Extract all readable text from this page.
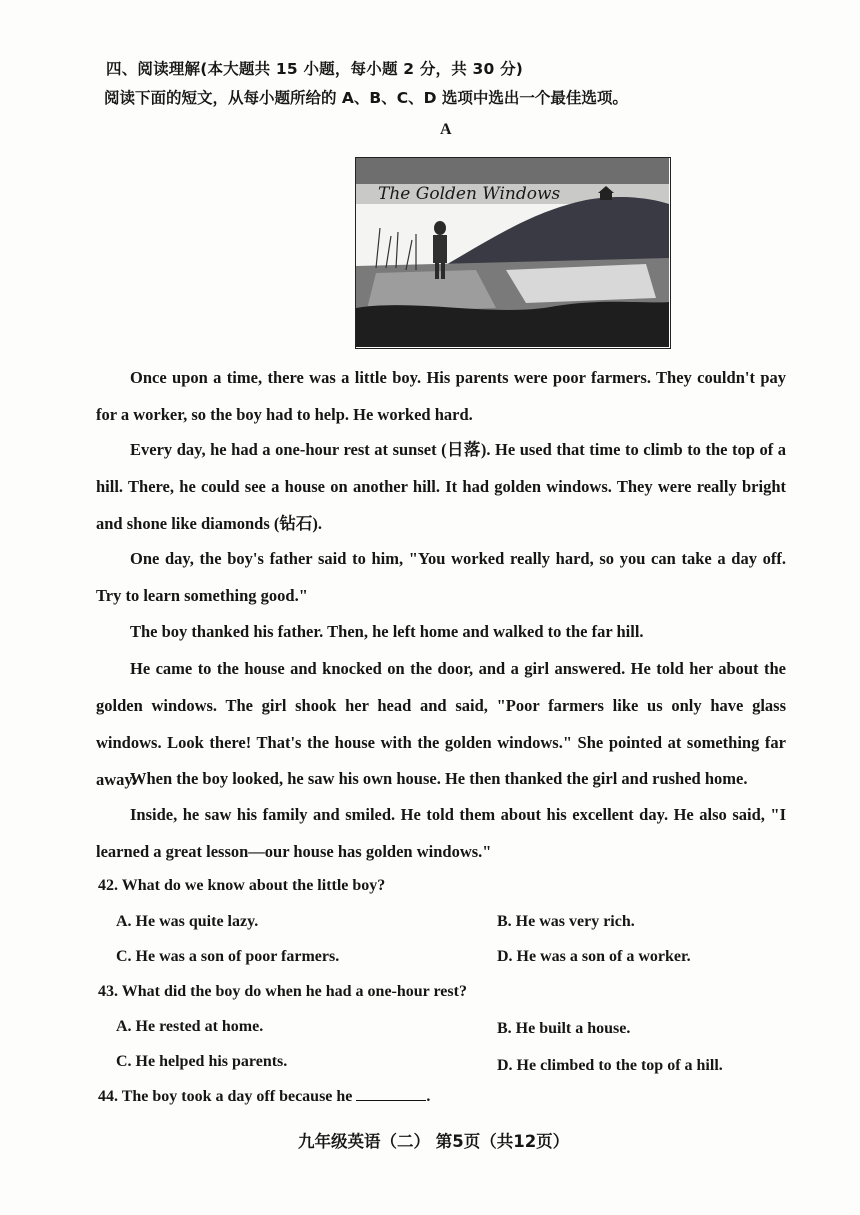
四、阅读理解(本大题共 15 小题，每小题 2 分，共 30 分)
阅读下面的短文，从每小题所给的 A、B、C、D 选项中选出一个最佳选项。
A
The Golden Windows
Once upon a time, there was a little boy. His parents were poor farmers. They couldn't pay for a worker, so the boy had to help. He worked hard.
Every day, he had a one-hour rest at sunset (日落). He used that time to climb to the top of a hill. There, he could see a house on another hill. It had golden windows. They were really bright and shone like diamonds (钻石).
One day, the boy's father said to him, "You worked really hard, so you can take a day off. Try to learn something good."
The boy thanked his father. Then, he left home and walked to the far hill.
He came to the house and knocked on the door, and a girl answered. He told her about the golden windows. The girl shook her head and said, "Poor farmers like us only have glass windows. Look there! That's the house with the golden windows." She pointed at something far away.
When the boy looked, he saw his own house. He then thanked the girl and rushed home.
Inside, he saw his family and smiled. He told them about his excellent day. He also said, "I learned a great lesson—our house has golden windows."
42. What do we know about the little boy?
A. He was quite lazy.	B. He was very rich.
C. He was a son of poor farmers.	D. He was a son of a worker.
43. What did the boy do when he had a one-hour rest?
A. He rested at home.	B. He built a house.
C. He helped his parents.	D. He climbed to the top of a hill.
44. The boy took a day off because he	.
九年级英语（二） 第5页（共12页）
